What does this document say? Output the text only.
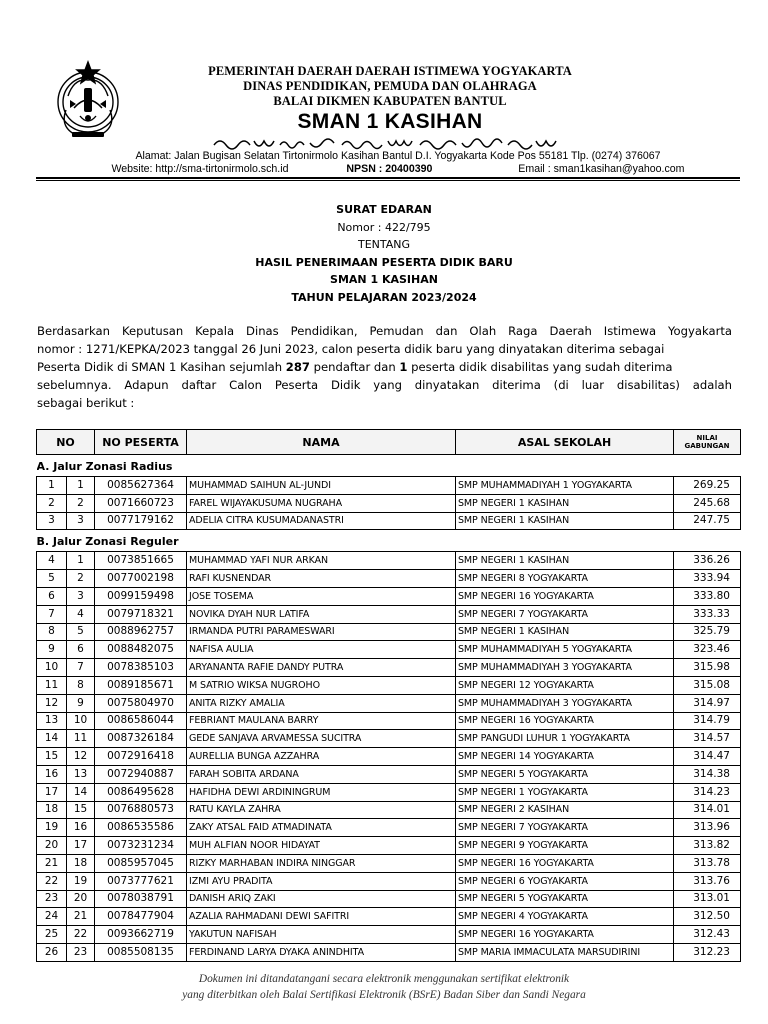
PEMERINTAH DAERAH DAERAH ISTIMEWA YOGYAKARTA
DINAS PENDIDIKAN, PEMUDA DAN OLAHRAGA
BALAI DIKMEN KABUPATEN BANTUL
SMAN 1 KASIHAN
Alamat: Jalan Bugisan Selatan Tirtonirmolo Kasihan Bantul D.I. Yogyakarta Kode Pos 55181 Tlp. (0274) 376067
Website: http://sma-tirtonirmolo.sch.id	NPSN : 20400390	Email : sman1kasihan@yahoo.com
SURAT EDARAN
Nomor : 422/795
TENTANG
HASIL PENERIMAAN PESERTA DIDIK BARU
SMAN 1 KASIHAN
TAHUN PELAJARAN 2023/2024
Berdasarkan Keputusan Kepala Dinas Pendidikan, Pemudan dan Olah Raga Daerah Istimewa Yogyakarta
nomor : 1271/KEPKA/2023 tanggal 26 Juni 2023, calon peserta didik baru yang dinyatakan diterima sebagai
Peserta Didik di SMAN 1 Kasihan sejumlah 287 pendaftar dan 1 peserta didik disabilitas yang sudah diterima
sebelumnya. Adapun daftar Calon Peserta Didik yang dinyatakan diterima (di luar disabilitas) adalah
sebagai berikut :
NO		NO PESERTA	NAMA	ASAL SEKOLAH	NILAI
GABUNGAN

A. Jalur Zonasi Radius					
1	1	0085627364	MUHAMMAD SAIHUN AL-JUNDI	SMP MUHAMMADIYAH 1 YOGYAKARTA	269.25
2	2	0071660723	FAREL WIJAYAKUSUMA NUGRAHA	SMP NEGERI 1 KASIHAN	245.68
3	3	0077179162	ADELIA CITRA KUSUMADANASTRI	SMP NEGERI 1 KASIHAN	247.75
B. Jalur Zonasi Reguler					
4	1	0073851665	MUHAMMAD YAFI NUR ARKAN	SMP NEGERI 1 KASIHAN	336.26
5	2	0077002198	RAFI KUSNENDAR	SMP NEGERI 8 YOGYAKARTA	333.94
6	3	0099159498	JOSE TOSEMA	SMP NEGERI 16 YOGYAKARTA	333.80
7	4	0079718321	NOVIKA DYAH NUR LATIFA	SMP NEGERI 7 YOGYAKARTA	333.33
8	5	0088962757	IRMANDA PUTRI PARAMESWARI	SMP NEGERI 1 KASIHAN	325.79
9	6	0088482075	NAFISA AULIA	SMP MUHAMMADIYAH 5 YOGYAKARTA	323.46
10	7	0078385103	ARYANANTA RAFIE DANDY PUTRA	SMP MUHAMMADIYAH 3 YOGYAKARTA	315.98
11	8	0089185671	M SATRIO WIKSA NUGROHO	SMP NEGERI 12 YOGYAKARTA	315.08
12	9	0075804970	ANITA RIZKY AMALIA	SMP MUHAMMADIYAH 3 YOGYAKARTA	314.97
13	10	0086586044	FEBRIANT MAULANA BARRY	SMP NEGERI 16 YOGYAKARTA	314.79
14	11	0087326184	GEDE SANJAVA ARVAMESSA SUCITRA	SMP PANGUDI LUHUR 1 YOGYAKARTA	314.57
15	12	0072916418	AURELLIA BUNGA AZZAHRA	SMP NEGERI 14 YOGYAKARTA	314.47
16	13	0072940887	FARAH SOBITA ARDANA	SMP NEGERI 5 YOGYAKARTA	314.38
17	14	0086495628	HAFIDHA DEWI ARDININGRUM	SMP NEGERI 1 YOGYAKARTA	314.23
18	15	0076880573	RATU KAYLA ZAHRA	SMP NEGERI 2 KASIHAN	314.01
19	16	0086535586	ZAKY ATSAL FAID ATMADINATA	SMP NEGERI 7 YOGYAKARTA	313.96
20	17	0073231234	MUH ALFIAN NOOR HIDAYAT	SMP NEGERI 9 YOGYAKARTA	313.82
21	18	0085957045	RIZKY MARHABAN INDIRA NINGGAR	SMP NEGERI 16 YOGYAKARTA	313.78
22	19	0073777621	IZMI AYU PRADITA	SMP NEGERI 6 YOGYAKARTA	313.76
23	20	0078038791	DANISH ARIQ ZAKI	SMP NEGERI 5 YOGYAKARTA	313.01
24	21	0078477904	AZALIA RAHMADANI DEWI SAFITRI	SMP NEGERI 4 YOGYAKARTA	312.50
25	22	0093662719	YAKUTUN NAFISAH	SMP NEGERI 16 YOGYAKARTA	312.43
26	23	0085508135	FERDINAND LARYA DYAKA ANINDHITA	SMP MARIA IMMACULATA MARSUDIRINI	312.23
Dokumen ini ditandatangani secara elektronik menggunakan sertifikat elektronik
yang diterbitkan oleh Balai Sertifikasi Elektronik (BSrE) Badan Siber dan Sandi Negara
